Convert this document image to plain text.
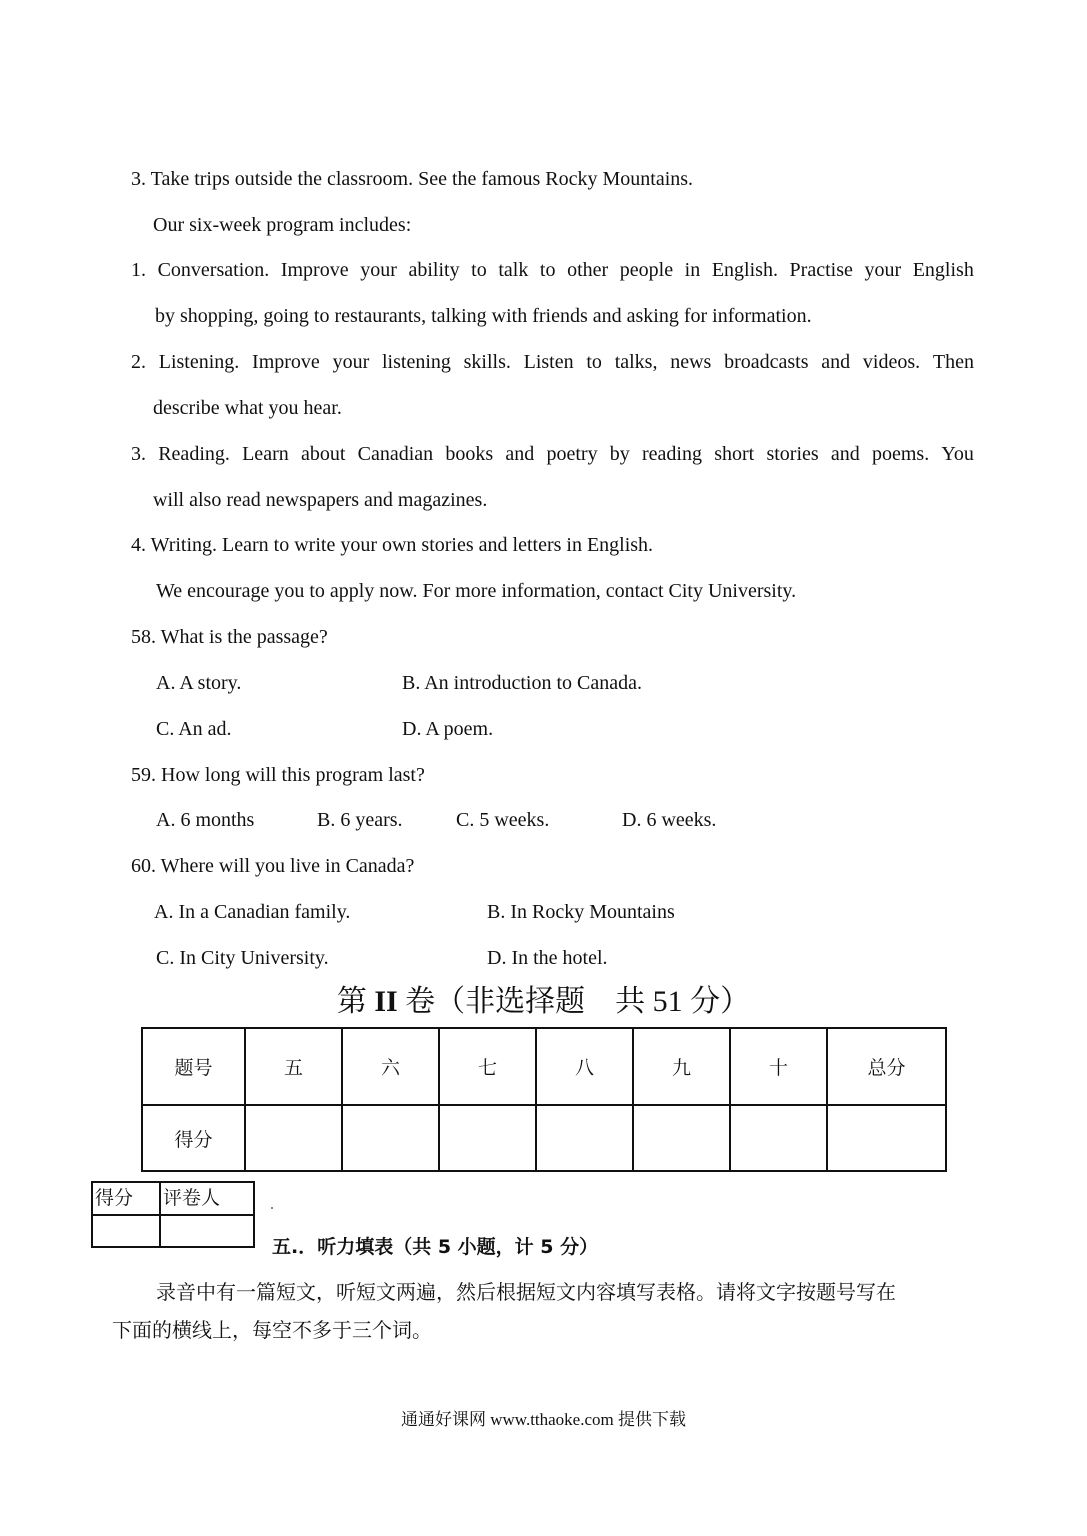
3. Take trips outside the classroom. See the famous Rocky Mountains.
Our six-week program includes:
1. Conversation. Improve your ability to talk to other people in English. Practise your English
by shopping, going to restaurants, talking with friends and asking for information.
2. Listening. Improve your listening skills. Listen to talks, news broadcasts and videos. Then
describe what you hear.
3. Reading. Learn about Canadian books and poetry by reading short stories and poems. You
will also read newspapers and magazines.
4. Writing. Learn to write your own stories and letters in English.
We encourage you to apply now. For more information, contact City University.
58. What is the passage?
A. A story.	B. An introduction to Canada.
C. An ad.	D. A poem.
59. How long will this program last?
A. 6 months	B. 6 years.	C. 5 weeks.	D. 6 weeks.
60. Where will you live in Canada?
A. In a Canadian family.	B. In Rocky Mountains
C. In City University.	D. In the hotel.
第 II 卷（非选择题　共 51 分）
题号	五	六	七	八	九	十	总分
得分							
得分	评卷人

五.．听力填表（共 5 小题，计 5 分）
录音中有一篇短文，听短文两遍，然后根据短文内容填写表格。请将文字按题号写在
下面的横线上，每空不多于三个词。
通通好课网 www.tthaoke.com 提供下载
